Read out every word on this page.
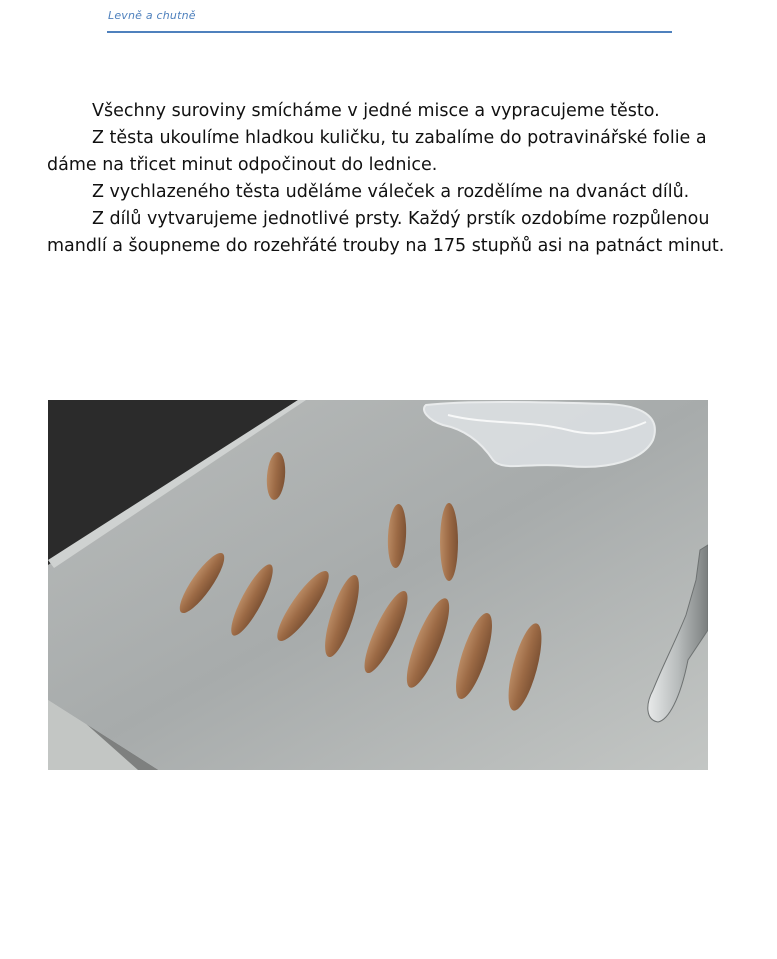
Levně a chutně

Všechny suroviny smícháme v jedné misce a vypracujeme těsto.

Z těsta ukoulíme hladkou kuličku, tu zabalíme do potravinářské folie a dáme na třicet minut odpočinout do lednice.

Z vychlazeného těsta uděláme váleček a rozdělíme na dvanáct dílů.

Z dílů vytvarujeme jednotlivé prsty. Každý prstík ozdobíme rozpůlenou mandlí a šoupneme do rozehřáté trouby na 175 stupňů asi na patnáct minut.
